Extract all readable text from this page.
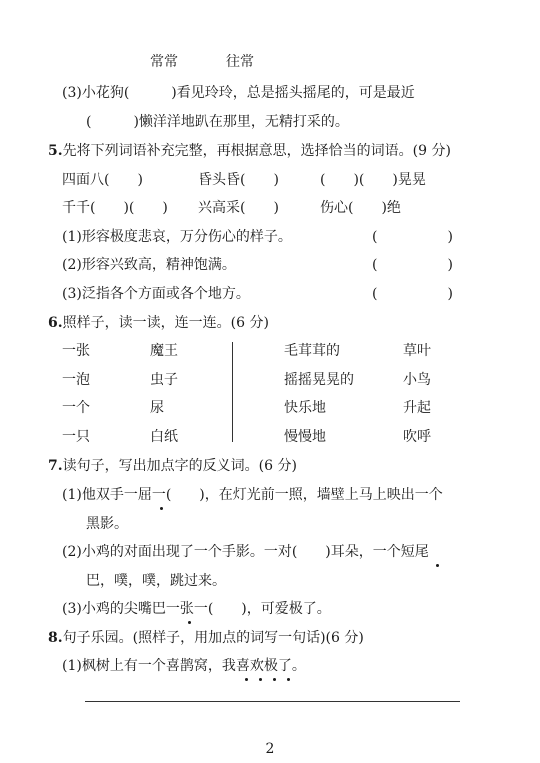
常常	往常
(3)小花狗(　　　)看见玲玲，总是摇头摇尾的，可是最近
(　　　)懒洋洋地趴在那里，无精打采的。
5.先将下列词语补充完整，再根据意思，选择恰当的词语。(9 分)
四面八(　　)	昏头昏(　　)	(　　)(　　)晃晃
千千(　　)(　　) 兴高采(　　)	伤心(　　)绝
(1)形容极度悲哀，万分伤心的样子。	(　　　　　)
(2)形容兴致高，精神饱满。	(　　　　　)
(3)泛指各个方面或各个地方。	(　　　　　)
6.照样子，读一读，连一连。(6 分)
一张	魔王	毛茸茸的	草叶
一泡	虫子	摇摇晃晃的	小鸟
一个	尿	快乐地	升起
一只	白纸	慢慢地	吹呼
7.读句子，写出加点字的反义词。(6 分)
(1)他双手一屈一(　　)，在灯光前一照，墙壁上马上映出一个
黑影。
(2)小鸡的对面出现了一个手影。一对(　　)耳朵，一个短尾
巴，噗，噗，跳过来。
(3)小鸡的尖嘴巴一张一(　　)，可爱极了。
8.句子乐园。(照样子，用加点的词写一句话)(6 分)
(1)枫树上有一个喜鹊窝，我喜欢极了。
2
